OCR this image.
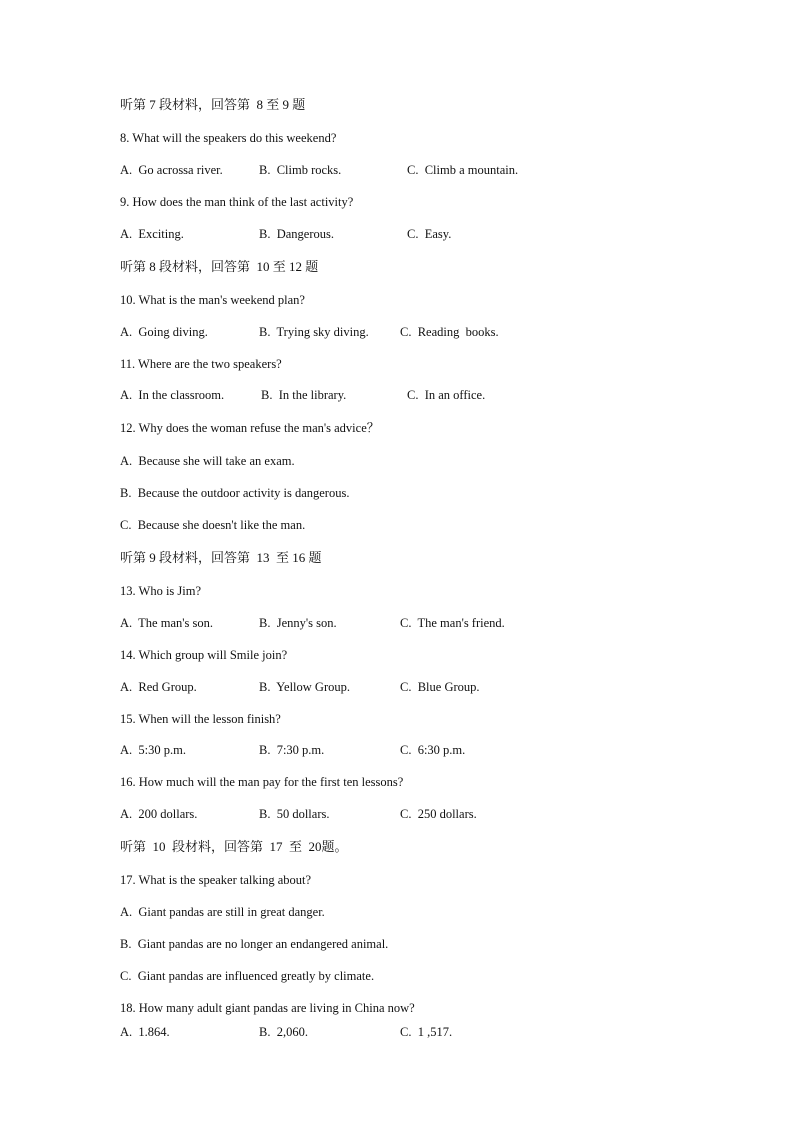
听第 7 段材料，回答第  8 至 9 题
8. What will the speakers do this weekend?
A.  Go acrossa river.	B.  Climb rocks.	C.  Climb a mountain.
9. How does the man think of the last activity?
A.  Exciting.	B.  Dangerous.	C.  Easy.
听第 8 段材料，回答第  10 至 12 题
10. What is the man's weekend plan?
A.  Going diving.	B.  Trying sky diving. C.  Reading  books.
11. Where are the two speakers?
A.  In the classroom.	B.  In the library.	C.  In an office.
12. Why does the woman refuse the man's advice？
A.  Because she will take an exam.
B.  Because the outdoor activity is dangerous.
C.  Because she doesn't like the man.
听第 9 段材料，回答第  13  至 16 题
13. Who is Jim?
A.  The man's son.	B.  Jenny's son.	C.  The man's friend.
14. Which group will Smile join?
A.  Red Group.	B.  Yellow Group.	C.  Blue Group.
15. When will the lesson finish?
A.  5:30 p.m.	B.  7:30 p.m.	C.  6:30 p.m.
16. How much will the man pay for the first ten lessons?
A.  200 dollars.	B.  50 dollars.	C.  250 dollars.
听第  10  段材料，回答第  17  至  20题。
17. What is the speaker talking about?
A.  Giant pandas are still in great danger.
B.  Giant pandas are no longer an endangered animal.
C.  Giant pandas are influenced greatly by climate.
18. How many adult giant pandas are living in China now?
A.  1.864.	B.  2,060.	C.  1 ,517.
